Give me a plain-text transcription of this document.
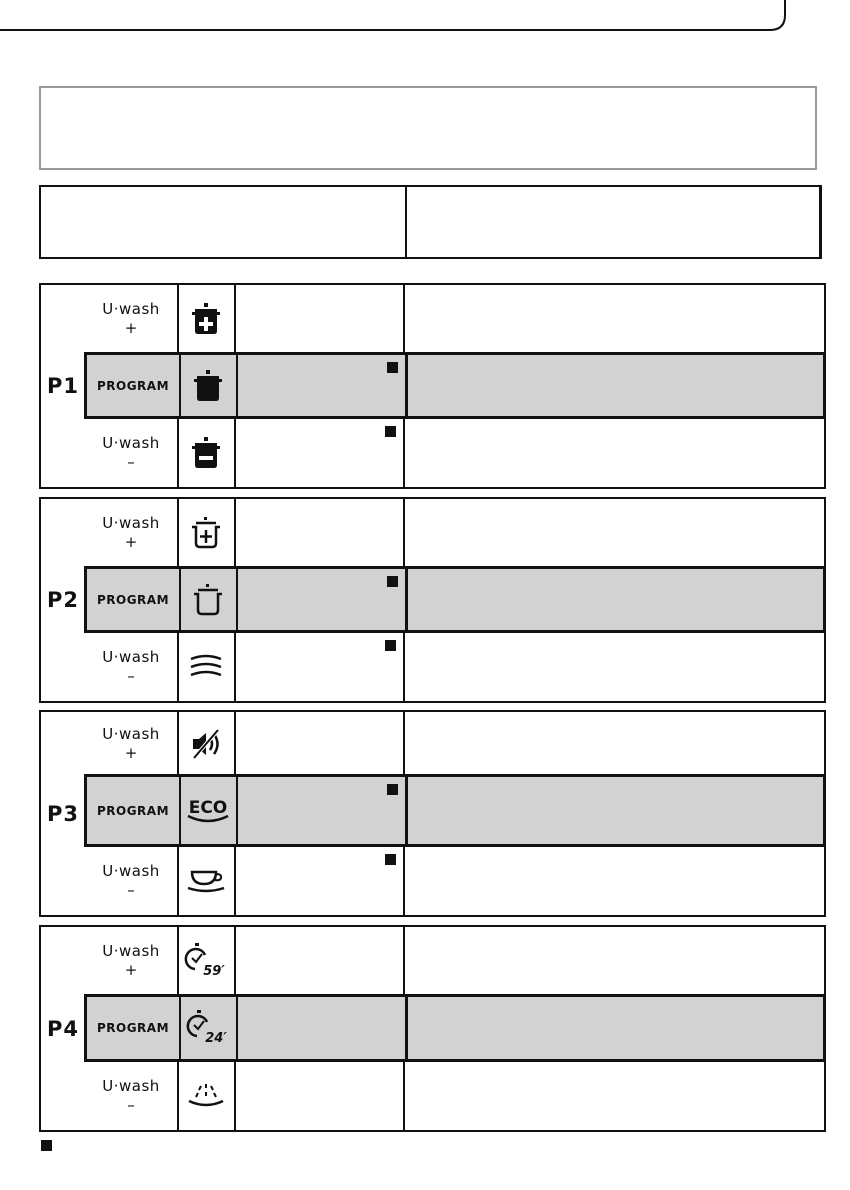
P1
U·wash
+
PROGRAM
U·wash
–
P2
U·wash
+
PROGRAM
U·wash
–
P3
U·wash
+
PROGRAM ECO
U·wash
–
P4
U·wash
+	59′
PROGRAM
24′
U·wash
–
